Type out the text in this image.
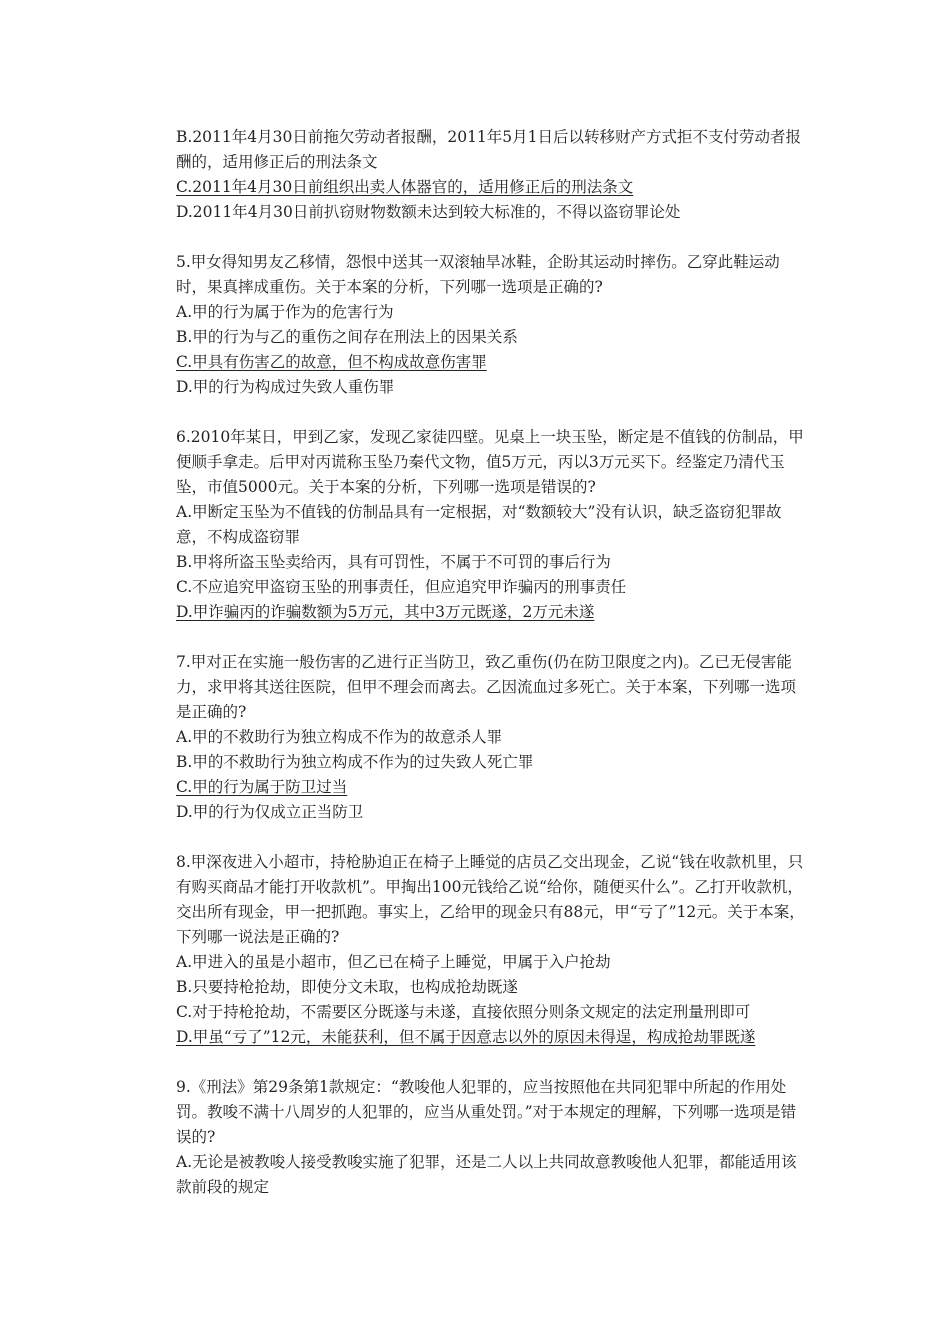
B.2011年4月30日前拖欠劳动者报酬，2011年5月1日后以转移财产方式拒不支付劳动者报酬的，适用修正后的刑法条文

C.2011年4月30日前组织出卖人体器官的，适用修正后的刑法条文

D.2011年4月30日前扒窃财物数额未达到较大标准的，不得以盗窃罪论处

5.甲女得知男友乙移情，怨恨中送其一双滚轴旱冰鞋，企盼其运动时摔伤。乙穿此鞋运动时，果真摔成重伤。关于本案的分析，下列哪一选项是正确的?

A.甲的行为属于作为的危害行为

B.甲的行为与乙的重伤之间存在刑法上的因果关系

C.甲具有伤害乙的故意，但不构成故意伤害罪

D.甲的行为构成过失致人重伤罪

6.2010年某日，甲到乙家，发现乙家徒四壁。见桌上一块玉坠，断定是不值钱的仿制品，甲便顺手拿走。后甲对丙谎称玉坠乃秦代文物，值5万元，丙以3万元买下。经鉴定乃清代玉坠，市值5000元。关于本案的分析，下列哪一选项是错误的?

A.甲断定玉坠为不值钱的仿制品具有一定根据，对“数额较大”没有认识，缺乏盗窃犯罪故意，不构成盗窃罪

B.甲将所盗玉坠卖给丙，具有可罚性，不属于不可罚的事后行为

C.不应追究甲盗窃玉坠的刑事责任，但应追究甲诈骗丙的刑事责任

D.甲诈骗丙的诈骗数额为5万元，其中3万元既遂，2万元未遂

7.甲对正在实施一般伤害的乙进行正当防卫，致乙重伤(仍在防卫限度之内)。乙已无侵害能力，求甲将其送往医院，但甲不理会而离去。乙因流血过多死亡。关于本案，下列哪一选项是正确的?

A.甲的不救助行为独立构成不作为的故意杀人罪

B.甲的不救助行为独立构成不作为的过失致人死亡罪

C.甲的行为属于防卫过当

D.甲的行为仅成立正当防卫

8.甲深夜进入小超市，持枪胁迫正在椅子上睡觉的店员乙交出现金，乙说“钱在收款机里，只有购买商品才能打开收款机”。甲掏出100元钱给乙说“给你，随便买什么”。乙打开收款机，交出所有现金，甲一把抓跑。事实上，乙给甲的现金只有88元，甲“亏了”12元。关于本案，下列哪一说法是正确的?

A.甲进入的虽是小超市，但乙已在椅子上睡觉，甲属于入户抢劫

B.只要持枪抢劫，即使分文未取，也构成抢劫既遂

C.对于持枪抢劫，不需要区分既遂与未遂，直接依照分则条文规定的法定刑量刑即可

D.甲虽“亏了”12元，未能获利，但不属于因意志以外的原因未得逞，构成抢劫罪既遂

9.《刑法》第29条第1款规定：“教唆他人犯罪的，应当按照他在共同犯罪中所起的作用处罚。教唆不满十八周岁的人犯罪的，应当从重处罚。”对于本规定的理解，下列哪一选项是错误的?

A.无论是被教唆人接受教唆实施了犯罪，还是二人以上共同故意教唆他人犯罪，都能适用该款前段的规定
